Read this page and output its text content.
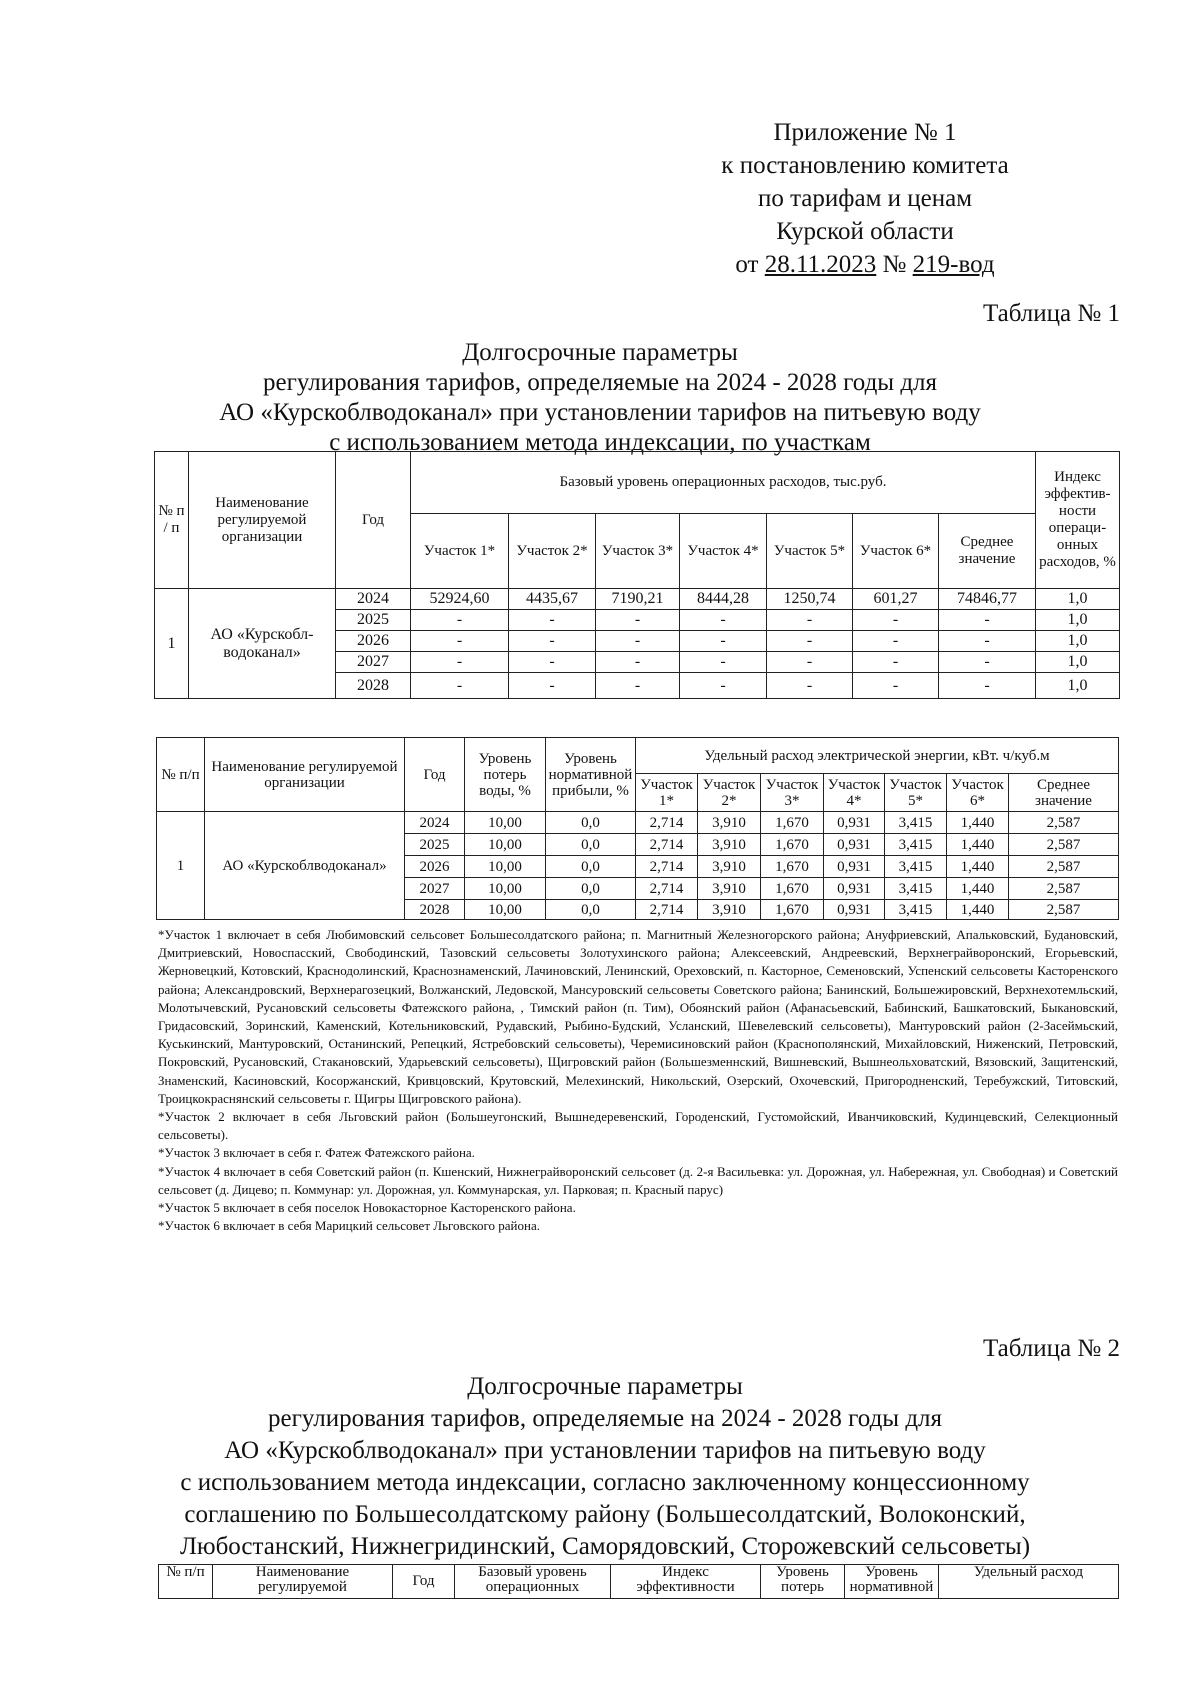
Приложение № 1
к постановлению комитета
по тарифам и ценам
Курской области
от 28.11.2023 № 219-вод
Таблица № 1
Долгосрочные параметры
регулирования тарифов, определяемые на 2024 - 2028 годы для
АО «Курскоблводоканал» при установлении тарифов на питьевую воду
с использованием метода индексации, по участкам
№ п / п	Наименование регулируемой организации	Год	Базовый уровень операционных расходов, тыс.руб.							Индекс эффектив-ности операци-онных расходов, %
			Участок 1*	Участок 2*	Участок 3*	Участок 4*	Участок 5*	Участок 6*	Среднее значение	
1	АО «Курскобл-водоканал»	2024	52924,60	4435,67	7190,21	8444,28	1250,74	601,27	74846,77	1,0
		2025	-	-	-	-	-	-	-	1,0
		2026	-	-	-	-	-	-	-	1,0
		2027	-	-	-	-	-	-	-	1,0
		2028	-	-	-	-	-	-	-	1,0
№ п/п	Наименование регулируемой организации	Год	Уровень потерь воды, %	Уровень нормативной прибыли, %	Удельный расход электрической энергии, кВт. ч/куб.м						
					Участок 1*	Участок 2*	Участок 3*	Участок 4*	Участок 5*	Участок 6*	Среднее значение
1	АО «Курскоблводоканал»	2024	10,00	0,0	2,714	3,910	1,670	0,931	3,415	1,440	2,587
		2025	10,00	0,0	2,714	3,910	1,670	0,931	3,415	1,440	2,587
		2026	10,00	0,0	2,714	3,910	1,670	0,931	3,415	1,440	2,587
		2027	10,00	0,0	2,714	3,910	1,670	0,931	3,415	1,440	2,587
		2028	10,00	0,0	2,714	3,910	1,670	0,931	3,415	1,440	2,587

*Участок 1 включает в себя Любимовский сельсовет Большесолдатского района; п. Магнитный Железногорского района; Ануфриевский, Апальковский, Будановский, Дмитриевский, Новоспасский, Свободинский, Тазовский сельсоветы Золотухинского района; Алексеевский, Андреевский, Верхнеграйворонский, Егорьевский, Жерновецкий, Котовский, Краснодолинский, Краснознаменский, Лачиновский, Ленинский, Ореховский, п. Касторное, Семеновский, Успенский сельсоветы Касторенского района; Александровский, Верхнерагозецкий, Волжанский, Ледовской, Мансуровский сельсоветы Советского района; Банинский, Большежировский, Верхнехотемльский, Молотычевский, Русановский сельсоветы Фатежского района, , Тимский район (п. Тим), Обоянский район (Афанасьевский, Бабинский, Башкатовский, Быкановский, Гридасовский, Зоринский, Каменский, Котельниковский, Рудавский, Рыбино-Будский, Усланский, Шевелевский сельсоветы), Мантуровский район (2-Засеймьский, Куськинский, Мантуровский, Останинский, Репецкий, Ястребовский сельсоветы), Черемисиновский район (Краснополянский, Михайловский, Ниженский, Петровский, Покровский, Русановский, Стакановский, Ударьевский сельсоветы), Щигровский район (Большезменнский, Вишневский, Вышнеольховатский, Вязовский, Защитенский, Знаменский, Касиновский, Косоржанский, Кривцовский, Крутовский, Мелехинский, Никольский, Озерский, Охочевский, Пригородненский, Теребужский, Титовский, Троицкокраснянский сельсоветы г. Щигры Щигровского района).

*Участок 2 включает в себя Льговский район (Большеугонский, Вышнедеревенский, Городенский, Густомойский, Иванчиковский, Кудинцевский, Селекционный сельсоветы).

*Участок 3 включает в себя г. Фатеж Фатежского района.

*Участок 4 включает в себя Советский район (п. Кшенский, Нижнеграйворонский сельсовет (д. 2-я Васильевка: ул. Дорожная, ул. Набережная, ул. Свободная) и Советский сельсовет (д. Дицево; п. Коммунар: ул. Дорожная, ул. Коммунарская, ул. Парковая; п. Красный парус)

*Участок 5 включает в себя поселок Новокасторное Касторенского района.

*Участок 6 включает в себя Марицкий сельсовет Льговского района.

Таблица № 2
Долгосрочные параметры
регулирования тарифов, определяемые на 2024 - 2028 годы для
АО «Курскоблводоканал» при установлении тарифов на питьевую воду
с использованием метода индексации, согласно заключенному концессионному
соглашению по Большесолдатскому району (Большесолдатский, Волоконский,
Любостанский, Нижнегридинский, Саморядовский, Сторожевский сельсоветы)
№ п/п	Наименование регулируемой	Год	Базовый уровень операционных	Индекс эффективности	Уровень потерь	Уровень нормативной	Удельный расход
